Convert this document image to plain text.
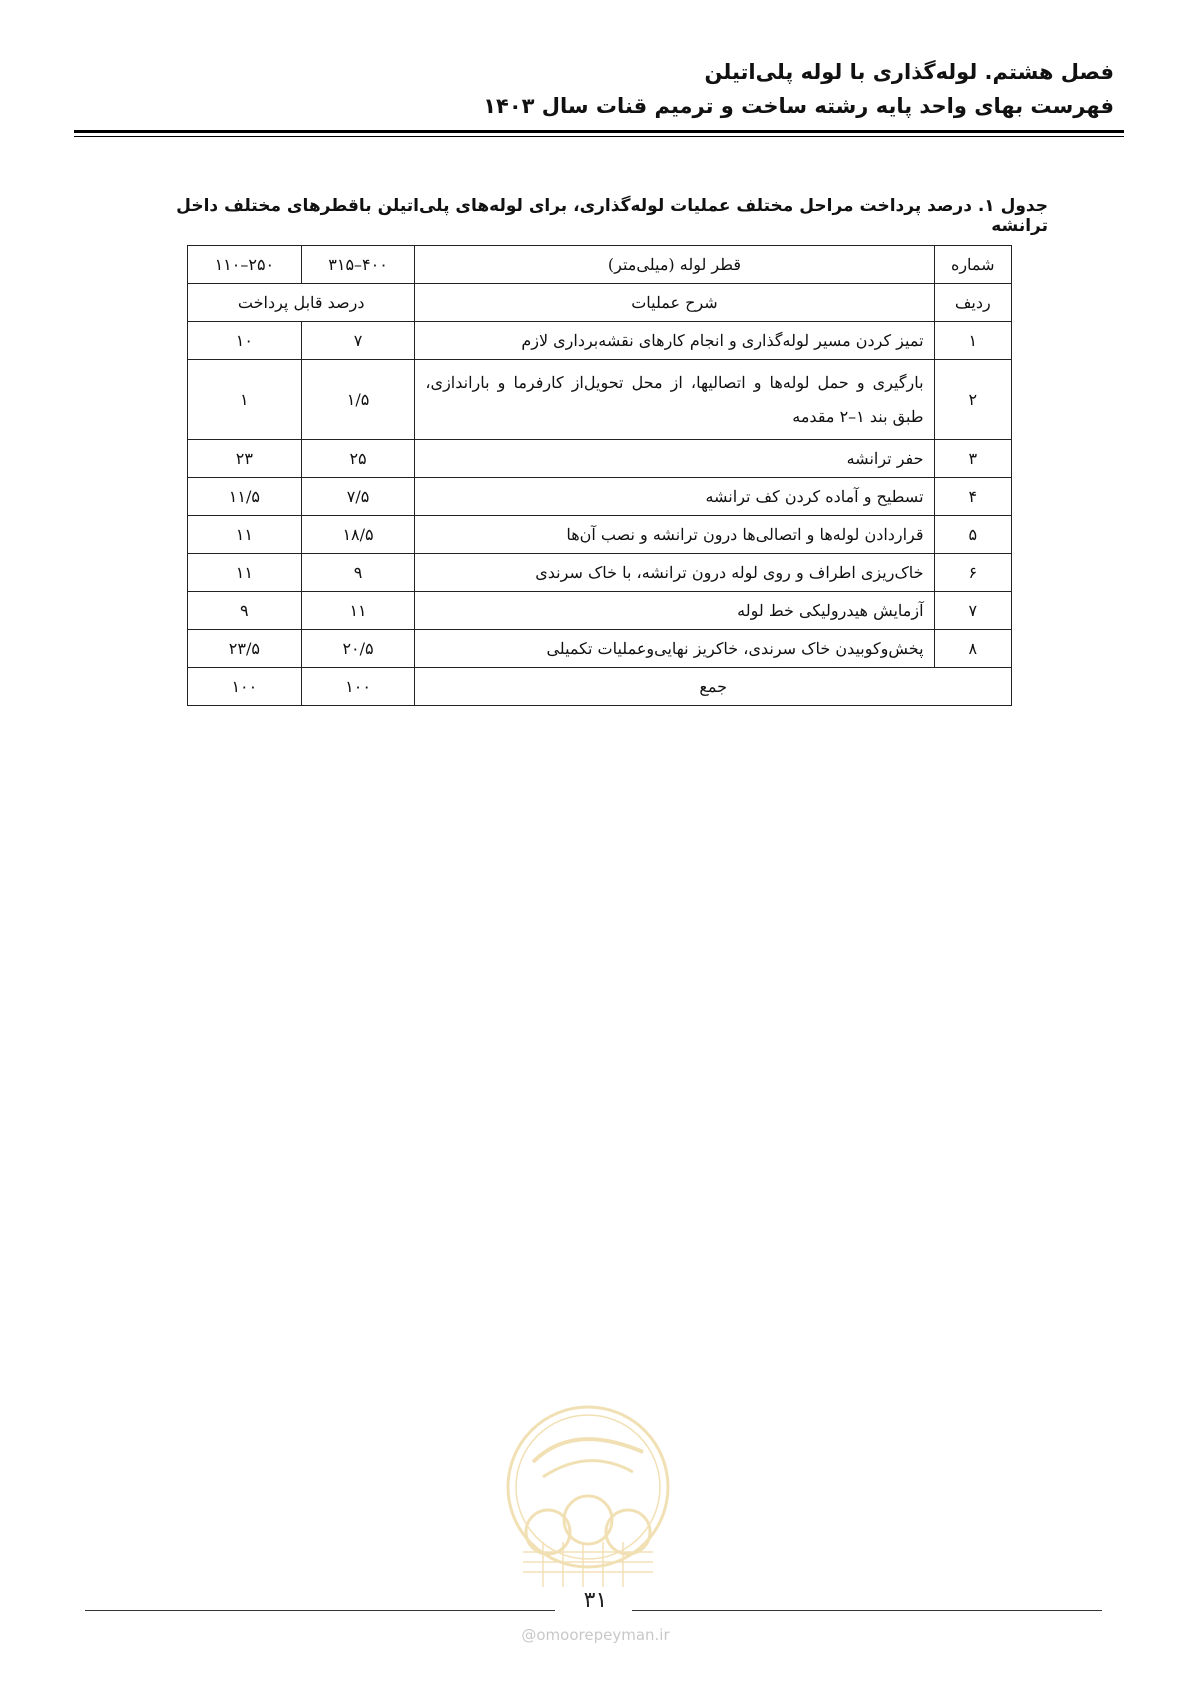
فصل هشتم. لوله‌گذاری با لوله پلی‌اتیلن
فهرست بهای واحد پایه رشته ساخت و ترمیم قنات سال ۱۴۰۳
جدول ۱. درصد پرداخت مراحل مختلف عملیات لوله‌گذاری، برای لوله‌های پلی‌اتیلن باقطرهای مختلف داخل ترانشه
شماره	قطر لوله (میلی‌متر)	۴۰۰–۳۱۵	۲۵۰–۱۱۰
ردیف	شرح عملیات	درصد قابل پرداخت	
۱	تمیز کردن مسیر لوله‌گذاری و انجام کارهای نقشه‌برداری لازم	۷	۱۰
۲	بارگیری و حمل لوله‌ها و اتصالیها، از محل تحویل‌از کارفرما و باراندازی، طبق بند ۱–۲ مقدمه	۱/۵	۱
۳	حفر ترانشه	۲۵	۲۳
۴	تسطیح و آماده کردن کف ترانشه	۷/۵	۱۱/۵
۵	قراردادن لوله‌ها و اتصالی‌ها درون ترانشه و نصب آن‌ها	۱۸/۵	۱۱
۶	خاک‌ریزی اطراف و روی لوله درون ترانشه، با خاک سرندی	۹	۱۱
۷	آزمایش هیدرولیکی خط لوله	۱۱	۹
۸	پخش‌وکوبیدن خاک سرندی، خاکریز نهایی‌وعملیات تکمیلی	۲۰/۵	۲۳/۵
جمع		۱۰۰	۱۰۰
۳۱
@omoorepeyman.ir
